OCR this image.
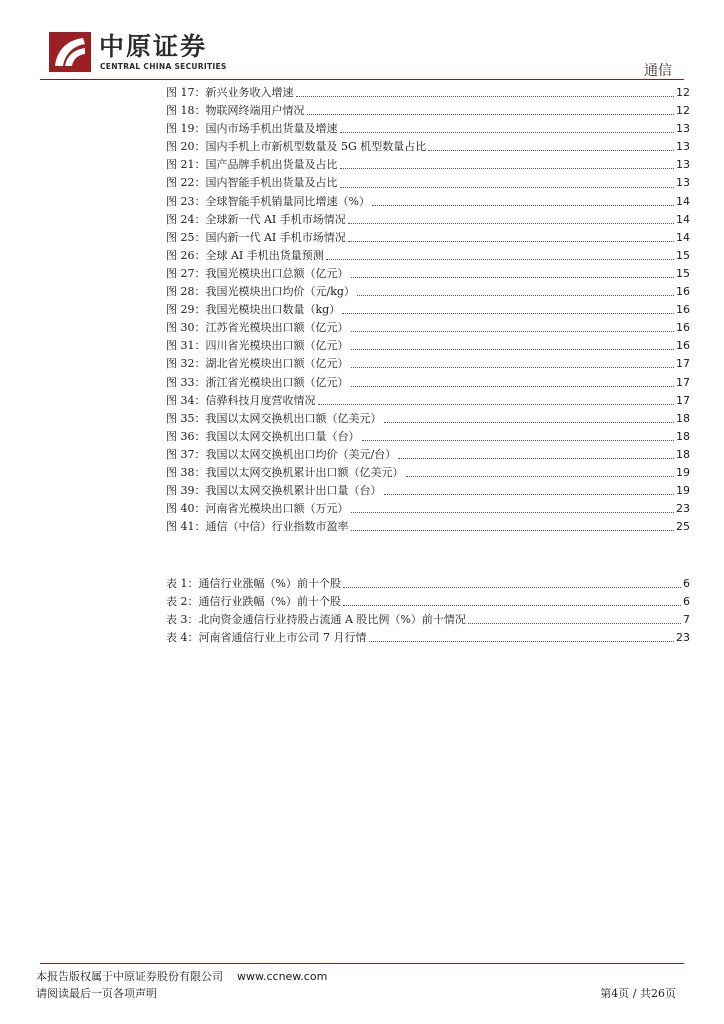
中原证券
CENTRAL CHINA SECURITIES	通信
图 17：新兴业务收入增速	12
图 18：物联网终端用户情况	12
图 19：国内市场手机出货量及增速	13
图 20：国内手机上市新机型数量及 5G 机型数量占比	13
图 21：国产品牌手机出货量及占比	13
图 22：国内智能手机出货量及占比	13
图 23：全球智能手机销量同比增速（%）	14
图 24：全球新一代 AI 手机市场情况	14
图 25：国内新一代 AI 手机市场情况	14
图 26：全球 AI 手机出货量预测	15
图 27：我国光模块出口总额（亿元）	15
图 28：我国光模块出口均价（元/kg）	16
图 29：我国光模块出口数量（kg）	16
图 30：江苏省光模块出口额（亿元）	16
图 31：四川省光模块出口额（亿元）	16
图 32：湖北省光模块出口额（亿元）	17
图 33：浙江省光模块出口额（亿元）	17
图 34：信骅科技月度营收情况	17
图 35：我国以太网交换机出口额（亿美元）	18
图 36：我国以太网交换机出口量（台）	18
图 37：我国以太网交换机出口均价（美元/台）	18
图 38：我国以太网交换机累计出口额（亿美元）	19
图 39：我国以太网交换机累计出口量（台）	19
图 40：河南省光模块出口额（万元）	23
图 41：通信（中信）行业指数市盈率	25
表 1：通信行业涨幅（%）前十个股	6
表 2：通信行业跌幅（%）前十个股	6
表 3：北向资金通信行业持股占流通 A 股比例（%）前十情况	7
表 4：河南省通信行业上市公司 7 月行情	23
本报告版权属于中原证券股份有限公司 www.ccnew.com
请阅读最后一页各项声明	第4页 / 共26页
